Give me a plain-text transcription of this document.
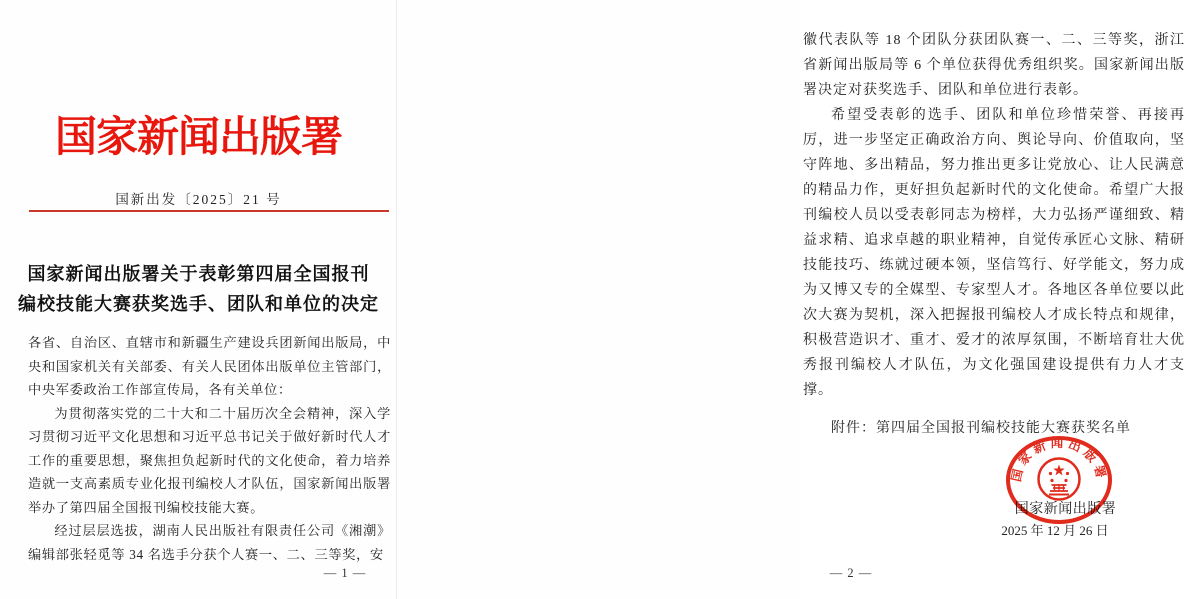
国家新闻出版署
国新出发〔2025〕21 号
国家新闻出版署关于表彰第四届全国报刊
编校技能大赛获奖选手、团队和单位的决定

各省、自治区、直辖市和新疆生产建设兵团新闻出版局，中央和国家机关有关部委、有关人民团体出版单位主管部门，中央军委政治工作部宣传局，各有关单位：

为贯彻落实党的二十大和二十届历次全会精神，深入学习贯彻习近平文化思想和习近平总书记关于做好新时代人才工作的重要思想，聚焦担负起新时代的文化使命，着力培养造就一支高素质专业化报刊编校人才队伍，国家新闻出版署举办了第四届全国报刊编校技能大赛。

经过层层选拔，湖南人民出版社有限责任公司《湘潮》编辑部张轻觅等 34 名选手分获个人赛一、二、三等奖，安

— 1 —

徽代表队等 18 个团队分获团队赛一、二、三等奖，浙江省新闻出版局等 6 个单位获得优秀组织奖。国家新闻出版署决定对获奖选手、团队和单位进行表彰。

希望受表彰的选手、团队和单位珍惜荣誉、再接再厉，进一步坚定正确政治方向、舆论导向、价值取向，坚守阵地、多出精品，努力推出更多让党放心、让人民满意的精品力作，更好担负起新时代的文化使命。希望广大报刊编校人员以受表彰同志为榜样，大力弘扬严谨细致、精益求精、追求卓越的职业精神，自觉传承匠心文脉、精研技能技巧、练就过硬本领，坚信笃行、好学能文，努力成为又博又专的全媒型、专家型人才。各地区各单位要以此次大赛为契机，深入把握报刊编校人才成长特点和规律，积极营造识才、重才、爱才的浓厚氛围，不断培育壮大优秀报刊编校人才队伍，为文化强国建设提供有力人才支撑。

附件：第四届全国报刊编校技能大赛获奖名单

国家新闻出版署
2025 年 12 月 26 日
国家新闻出版署
— 2 —
